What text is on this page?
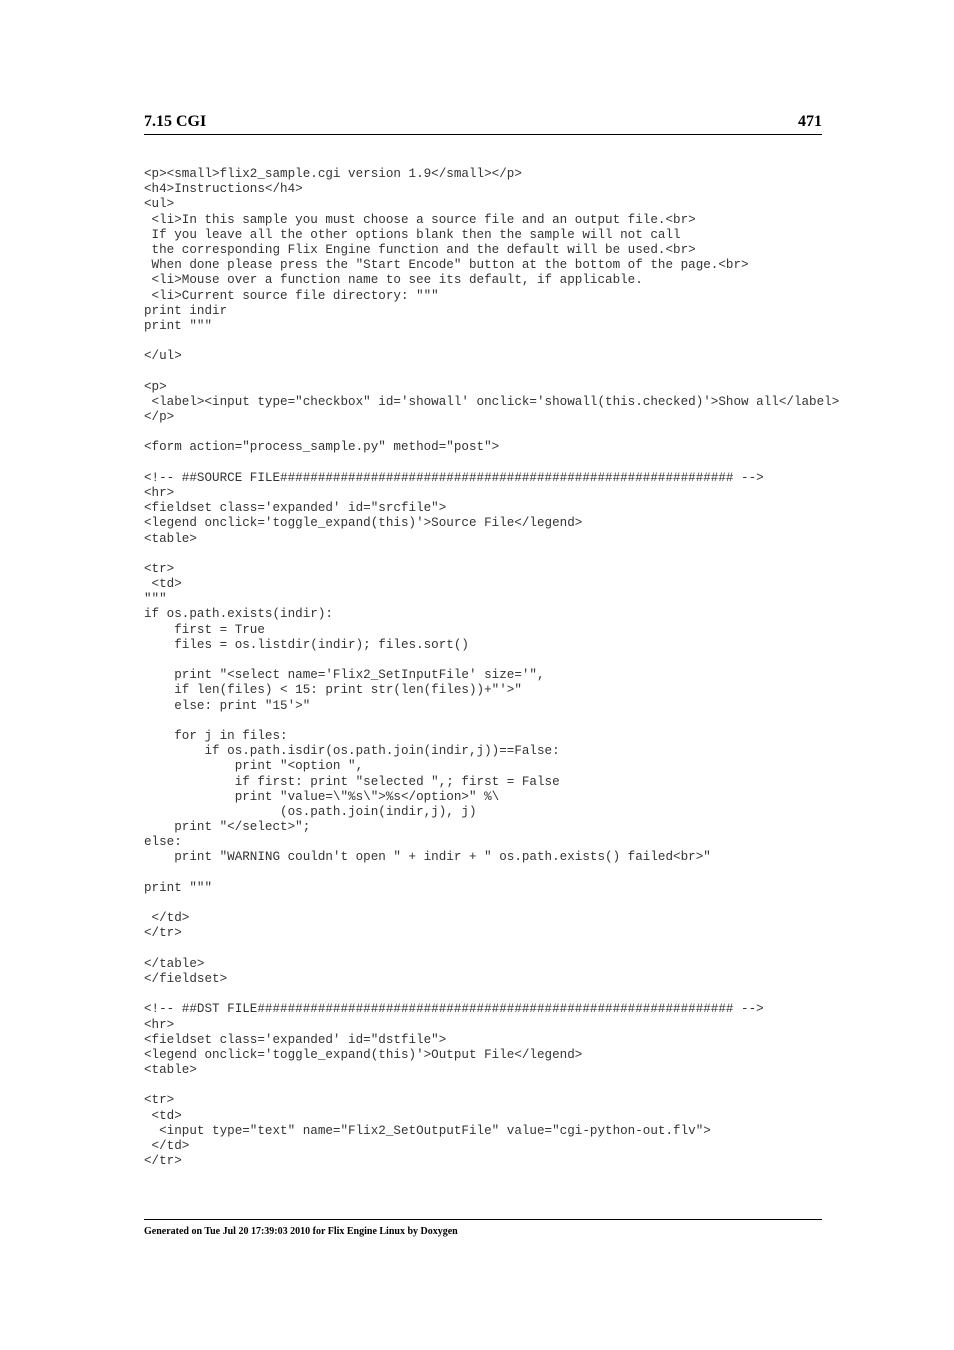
7.15 CGI	471
<p><small>flix2_sample.cgi version 1.9</small></p>
<h4>Instructions</h4>
<ul>
<li>In this sample you must choose a source file and an output file.<br>
If you leave all the other options blank then the sample will not call
the corresponding Flix Engine function and the default will be used.<br>
When done please press the "Start Encode" button at the bottom of the page.<br>
<li>Mouse over a function name to see its default, if applicable.
<li>Current source file directory: """
print indir
print """
</ul>
<p>
<label><input type="checkbox" id='showall' onclick='showall(this.checked)'>Show all</label>
</p>
<form action="process_sample.py" method="post">
<!-- ##SOURCE FILE############################################################ -->
<hr>
<fieldset class='expanded' id="srcfile">
<legend onclick='toggle_expand(this)'>Source File</legend>
<table>
<tr>
<td>
"""
if os.path.exists(indir):
first = True
files = os.listdir(indir); files.sort()
print "<select name='Flix2_SetInputFile' size='",
if len(files) < 15: print str(len(files))+"'>"
else: print "15'>"
for j in files:
if os.path.isdir(os.path.join(indir,j))==False:
print "<option ",
if first: print "selected ",; first = False
print "value=\"%s\">%s</option>" %\
(os.path.join(indir,j), j)
print "</select>";
else:
print "WARNING couldn't open " + indir + " os.path.exists() failed<br>"
print """
</td>
</tr>
</table>
</fieldset>
<!-- ##DST FILE############################################################### -->
<hr>
<fieldset class='expanded' id="dstfile">
<legend onclick='toggle_expand(this)'>Output File</legend>
<table>
<tr>
<td>
<input type="text" name="Flix2_SetOutputFile" value="cgi-python-out.flv">
</td>
</tr>
Generated on Tue Jul 20 17:39:03 2010 for Flix Engine Linux by Doxygen
